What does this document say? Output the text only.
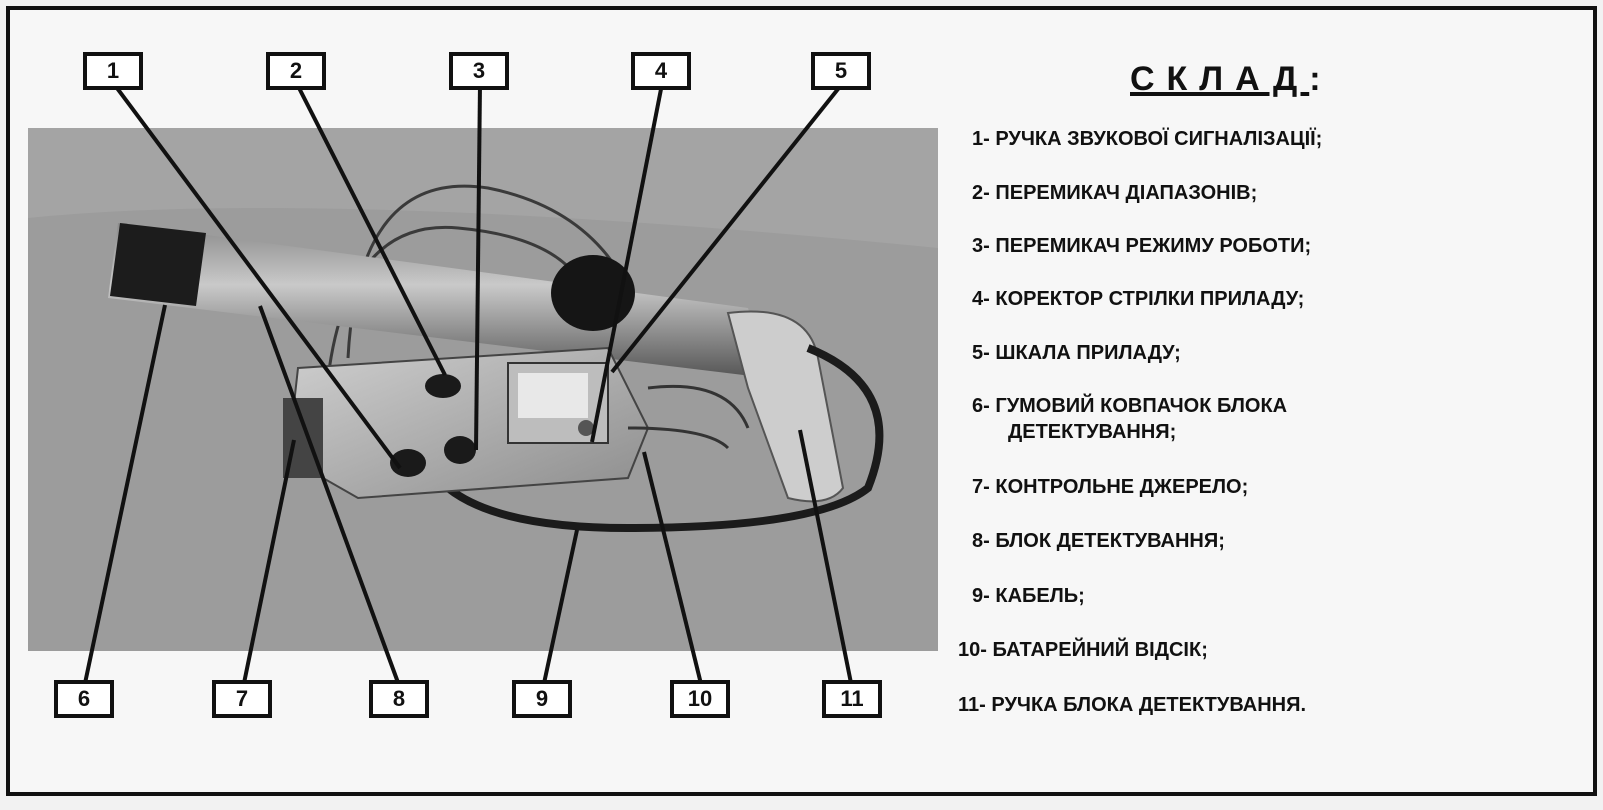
1	2	3	4	5
6	7	8	9	10	11
СКЛАД:
1- РУЧКА ЗВУКОВОЇ СИГНАЛІЗАЦІЇ;
2- ПЕРЕМИКАЧ ДІАПАЗОНІВ;
3- ПЕРЕМИКАЧ РЕЖИМУ РОБОТИ;
4- КОРЕКТОР СТРІЛКИ ПРИЛАДУ;
5- ШКАЛА ПРИЛАДУ;
6- ГУМОВИЙ КОВПАЧОК БЛОКА
ДЕТЕКТУВАННЯ;
7- КОНТРОЛЬНЕ ДЖЕРЕЛО;
8- БЛОК ДЕТЕКТУВАННЯ;
9- КАБЕЛЬ;
10- БАТАРЕЙНИЙ ВІДСІК;
11- РУЧКА БЛОКА ДЕТЕКТУВАННЯ.
